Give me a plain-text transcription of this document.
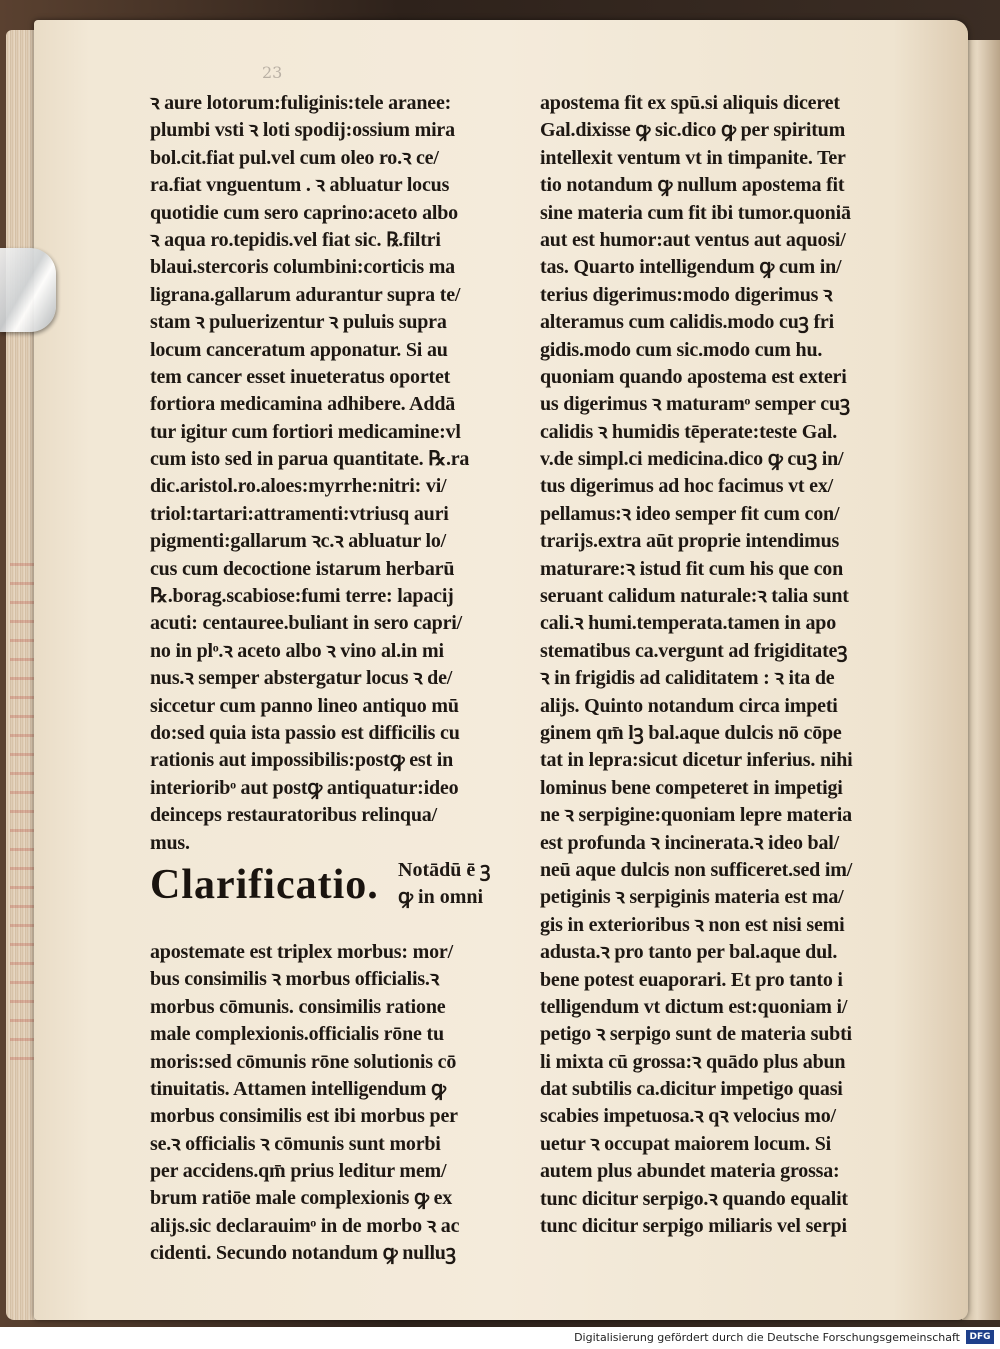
23
ꝛ aure lotorum:fuliginis:tele aranee:
plumbi vsti ꝛ loti spodij:ossium mira
bol.cit.fiat pul.vel cum oleo ro.ꝛ ce/
ra.fiat vnguentum . ꝛ abluatur locus
quotidie cum sero caprino:aceto albo
ꝛ aqua ro.tepidis.vel fiat sic. ℞.filtri
blaui.stercoris columbini:corticis ma
ligrana.gallarum adurantur supra te/
stam ꝛ puluerizentur ꝛ puluis supra
locum canceratum apponatur. Si au
tem cancer esset inueteratus oportet
fortiora medicamina adhibere. Addā
tur igitur cum fortiori medicamine:vl
cum isto sed in parua quantitate. ℞.ra
dic.aristol.ro.aloes:myrrhe:nitri: vi/
triol:tartari:attramenti:vtriusq auri
pigmenti:gallarum ꝛc.ꝛ abluatur lo/
cus cum decoctione istarum herbarū
℞.borag.scabiose:fumi terre: lapacij
acuti: centauree.buliant in sero capri/
no in plᵒ.ꝛ aceto albo ꝛ vino al.in mi
nus.ꝛ semper abstergatur locus ꝛ de/
siccetur cum panno lineo antiquo mū
do:sed quia ista passio est difficilis cu
rationis aut impossibilis:postꝙ est in
interioribᵒ aut postꝙ antiquatur:ideo
deinceps restauratoribus relinqua/
mus.
Clarificatio. Notādū ē ꝫ
ꝙ in omni
apostemate est triplex morbus: mor/
bus consimilis ꝛ morbus officialis.ꝛ
morbus cōmunis. consimilis ratione
male complexionis.officialis rōne tu
moris:sed cōmunis rōne solutionis cō
tinuitatis. Attamen intelligendum ꝙ
morbus consimilis est ibi morbus per
se.ꝛ officialis ꝛ cōmunis sunt morbi
per accidens.qm̄ prius leditur mem/
brum ratiōe male complexionis ꝙ ex
alijs.sic declarauimᵒ in de morbo ꝛ ac
cidenti. Secundo notandum ꝙ nulluꝫ
apostema fit ex spū.si aliquis diceret
Gal.dixisse ꝙ sic.dico ꝙ per spiritum
intellexit ventum vt in timpanite. Ter
tio notandum ꝙ nullum apostema fit
sine materia cum fit ibi tumor.quoniā
aut est humor:aut ventus aut aquosi/
tas. Quarto intelligendum ꝙ cum in/
terius digerimus:modo digerimus ꝛ
alteramus cum calidis.modo cuꝫ fri
gidis.modo cum sic.modo cum hu.
quoniam quando apostema est exteri
us digerimus ꝛ maturamᵒ semper cuꝫ
calidis ꝛ humidis tēperate:teste Gal.
v.de simpl.ci medicina.dico ꝙ cuꝫ in/
tus digerimus ad hoc facimus vt ex/
pellamus:ꝛ ideo semper fit cum con/
trarijs.extra aūt proprie intendimus
maturare:ꝛ istud fit cum his que con
seruant calidum naturale:ꝛ talia sunt
cali.ꝛ humi.temperata.tamen in apo
stematibus ca.vergunt ad frigiditateꝫ
ꝛ in frigidis ad caliditatem : ꝛ ita de
alijs. Quinto notandum circa impeti
ginem qm̄ lꝫ bal.aque dulcis nō cōpe
tat in lepra:sicut dicetur inferius. nihi
lominus bene competeret in impetigi
ne ꝛ serpigine:quoniam lepre materia
est profunda ꝛ incinerata.ꝛ ideo bal/
neū aque dulcis non sufficeret.sed im/
petiginis ꝛ serpiginis materia est ma/
gis in exterioribus ꝛ non est nisi semi
adusta.ꝛ pro tanto per bal.aque dul.
bene potest euaporari. Et pro tanto i
telligendum vt dictum est:quoniam i/
petigo ꝛ serpigo sunt de materia subti
li mixta cū grossa:ꝛ quādo plus abun
dat subtilis ca.dicitur impetigo quasi
scabies impetuosa.ꝛ qꝛ velocius mo/
uetur ꝛ occupat maiorem locum. Si
autem plus abundet materia grossa:
tunc dicitur serpigo.ꝛ quando equalit
tunc dicitur serpigo miliaris vel serpi
Digitalisierung gefördert durch die Deutsche Forschungsgemeinschaft	DFG
